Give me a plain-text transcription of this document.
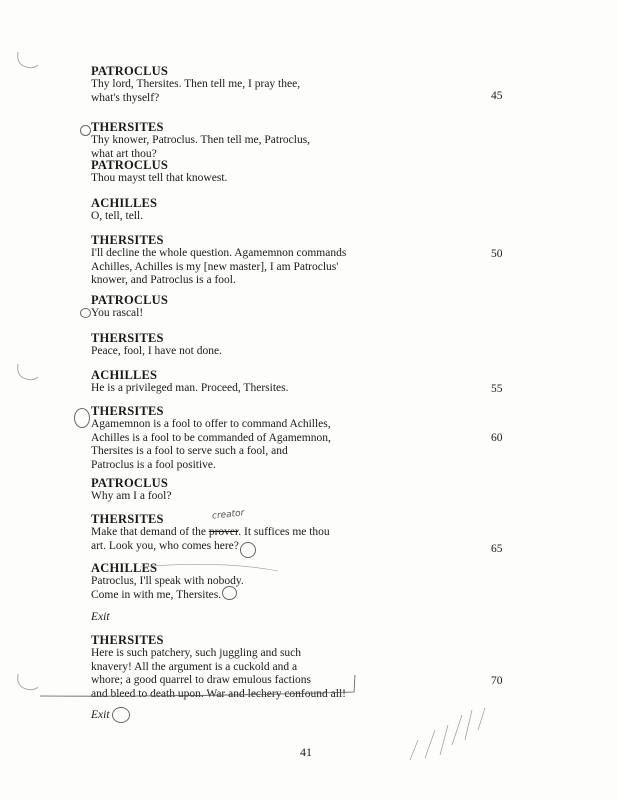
PATROCLUS
Thy lord, Thersites. Then tell me, I pray thee,
what's thyself?
THERSITES
Thy knower, Patroclus. Then tell me, Patroclus,
what art thou?
PATROCLUS
Thou mayst tell that knowest.
ACHILLES
O, tell, tell.
THERSITES
I'll decline the whole question. Agamemnon commands
Achilles, Achilles is my [new master], I am Patroclus'
knower, and Patroclus is a fool.
PATROCLUS
You rascal!
THERSITES
Peace, fool, I have not done.
ACHILLES
He is a privileged man. Proceed, Thersites.
THERSITES
Agamemnon is a fool to offer to command Achilles,
Achilles is a fool to be commanded of Agamemnon,
Thersites is a fool to serve such a fool, and
Patroclus is a fool positive.
PATROCLUS
Why am I a fool?
THERSITES
Make that demand of the prover. It suffices me thou
art. Look you, who comes here?
ACHILLES
Patroclus, I'll speak with nobody.
Come in with me, Thersites.
Exit
THERSITES
Here is such patchery, such juggling and such
knavery! All the argument is a cuckold and a
whore; a good quarrel to draw emulous factions
and bleed to death upon. War and lechery confound all!
Exit
45
50
55
60
65
70
creator
41
